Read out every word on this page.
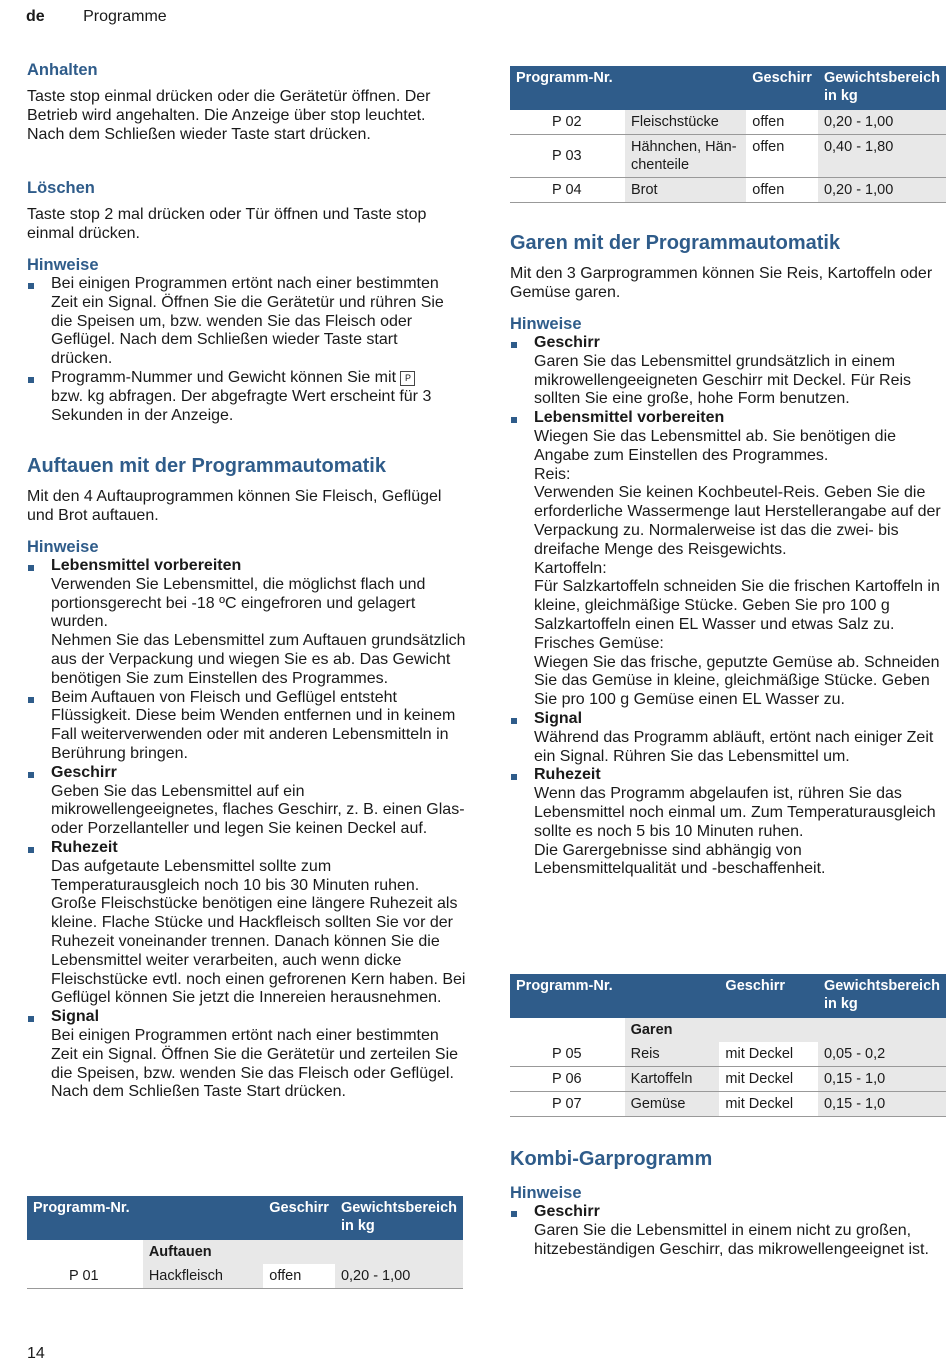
de Programme
Anhalten

Taste stop einmal drücken oder die Gerätetür öffnen. Der Betrieb wird angehalten. Die Anzeige über stop leuchtet. Nach dem Schließen wieder Taste start drücken.

Löschen

Taste stop 2 mal drücken oder Tür öffnen und Taste stop einmal drücken.

Hinweise
Bei einigen Programmen ertönt nach einer bestimmten Zeit ein Signal. Öffnen Sie die Gerätetür und rühren Sie die Speisen um, bzw. wenden Sie das Fleisch oder Geflügel. Nach dem Schließen wieder Taste start drücken.
Programm-Nummer und Gewicht können Sie mit P
bzw. kg abfragen. Der abgefragte Wert erscheint für 3 Sekunden in der Anzeige.
Auftauen mit der Programmautomatik

Mit den 4 Auftauprogrammen können Sie Fleisch, Geflügel und Brot auftauen.

Hinweise
Lebensmittel vorbereiten
Verwenden Sie Lebensmittel, die möglichst flach und portionsgerecht bei -18 ºC eingefroren und gelagert wurden.
Nehmen Sie das Lebensmittel zum Auftauen grundsätzlich aus der Verpackung und wiegen Sie es ab. Das Gewicht benötigen Sie zum Einstellen des Programmes.
Beim Auftauen von Fleisch und Geflügel entsteht Flüssigkeit. Diese beim Wenden entfernen und in keinem Fall weiterverwenden oder mit anderen Lebensmitteln in Berührung bringen.
Geschirr
Geben Sie das Lebensmittel auf ein mikrowellengeeignetes, flaches Geschirr, z. B. einen Glas- oder Porzellanteller und legen Sie keinen Deckel auf.
Ruhezeit
Das aufgetaute Lebensmittel sollte zum Temperaturausgleich noch 10 bis 30 Minuten ruhen. Große Fleischstücke benötigen eine längere Ruhezeit als kleine. Flache Stücke und Hackfleisch sollten Sie vor der Ruhezeit voneinander trennen. Danach können Sie die Lebensmittel weiter verarbeiten, auch wenn dicke Fleischstücke evtl. noch einen gefrorenen Kern haben. Bei Geflügel können Sie jetzt die Innereien herausnehmen.
Signal
Bei einigen Programmen ertönt nach einer bestimmten Zeit ein Signal. Öffnen Sie die Gerätetür und zerteilen Sie die Speisen, bzw. wenden Sie das Fleisch oder Geflügel. Nach dem Schließen Taste Start drücken.
Programm-Nr.		Geschirr	Gewichtsbereich in kg
	Auftauen		
P 01	Hackfleisch	offen	0,20 - 1,00
Programm-Nr.		Geschirr	Gewichtsbereich in kg
P 02	Fleischstücke	offen	0,20 - 1,00
P 03	Hähnchen, Hän-chenteile	offen	0,40 - 1,80
P 04	Brot	offen	0,20 - 1,00
Garen mit der Programmautomatik

Mit den 3 Garprogrammen können Sie Reis, Kartoffeln oder Gemüse garen.

Hinweise
Geschirr
Garen Sie das Lebensmittel grundsätzlich in einem mikrowellengeeigneten Geschirr mit Deckel. Für Reis sollten Sie eine große, hohe Form benutzen.
Lebensmittel vorbereiten
Wiegen Sie das Lebensmittel ab. Sie benötigen die Angabe zum Einstellen des Programmes.
Reis:
Verwenden Sie keinen Kochbeutel-Reis. Geben Sie die erforderliche Wassermenge laut Herstellerangabe auf der Verpackung zu. Normalerweise ist das die zwei- bis dreifache Menge des Reisgewichts.
Kartoffeln:
Für Salzkartoffeln schneiden Sie die frischen Kartoffeln in kleine, gleichmäßige Stücke. Geben Sie pro 100 g Salzkartoffeln einen EL Wasser und etwas Salz zu.
Frisches Gemüse:
Wiegen Sie das frische, geputzte Gemüse ab. Schneiden Sie das Gemüse in kleine, gleichmäßige Stücke. Geben Sie pro 100 g Gemüse einen EL Wasser zu.
Signal
Während das Programm abläuft, ertönt nach einiger Zeit ein Signal. Rühren Sie das Lebensmittel um.
Ruhezeit
Wenn das Programm abgelaufen ist, rühren Sie das Lebensmittel noch einmal um. Zum Temperaturausgleich sollte es noch 5 bis 10 Minuten ruhen.
Die Garergebnisse sind abhängig von Lebensmittelqualität und -beschaffenheit.
Programm-Nr.		Geschirr	Gewichtsbereich in kg
	Garen		
P 05	Reis	mit Deckel	0,05 - 0,2
P 06	Kartoffeln	mit Deckel	0,15 - 1,0
P 07	Gemüse	mit Deckel	0,15 - 1,0
Kombi-Garprogramm
Hinweise
Geschirr
Garen Sie die Lebensmittel in einem nicht zu großen, hitzebeständigen Geschirr, das mikrowellengeeignet ist.
14
